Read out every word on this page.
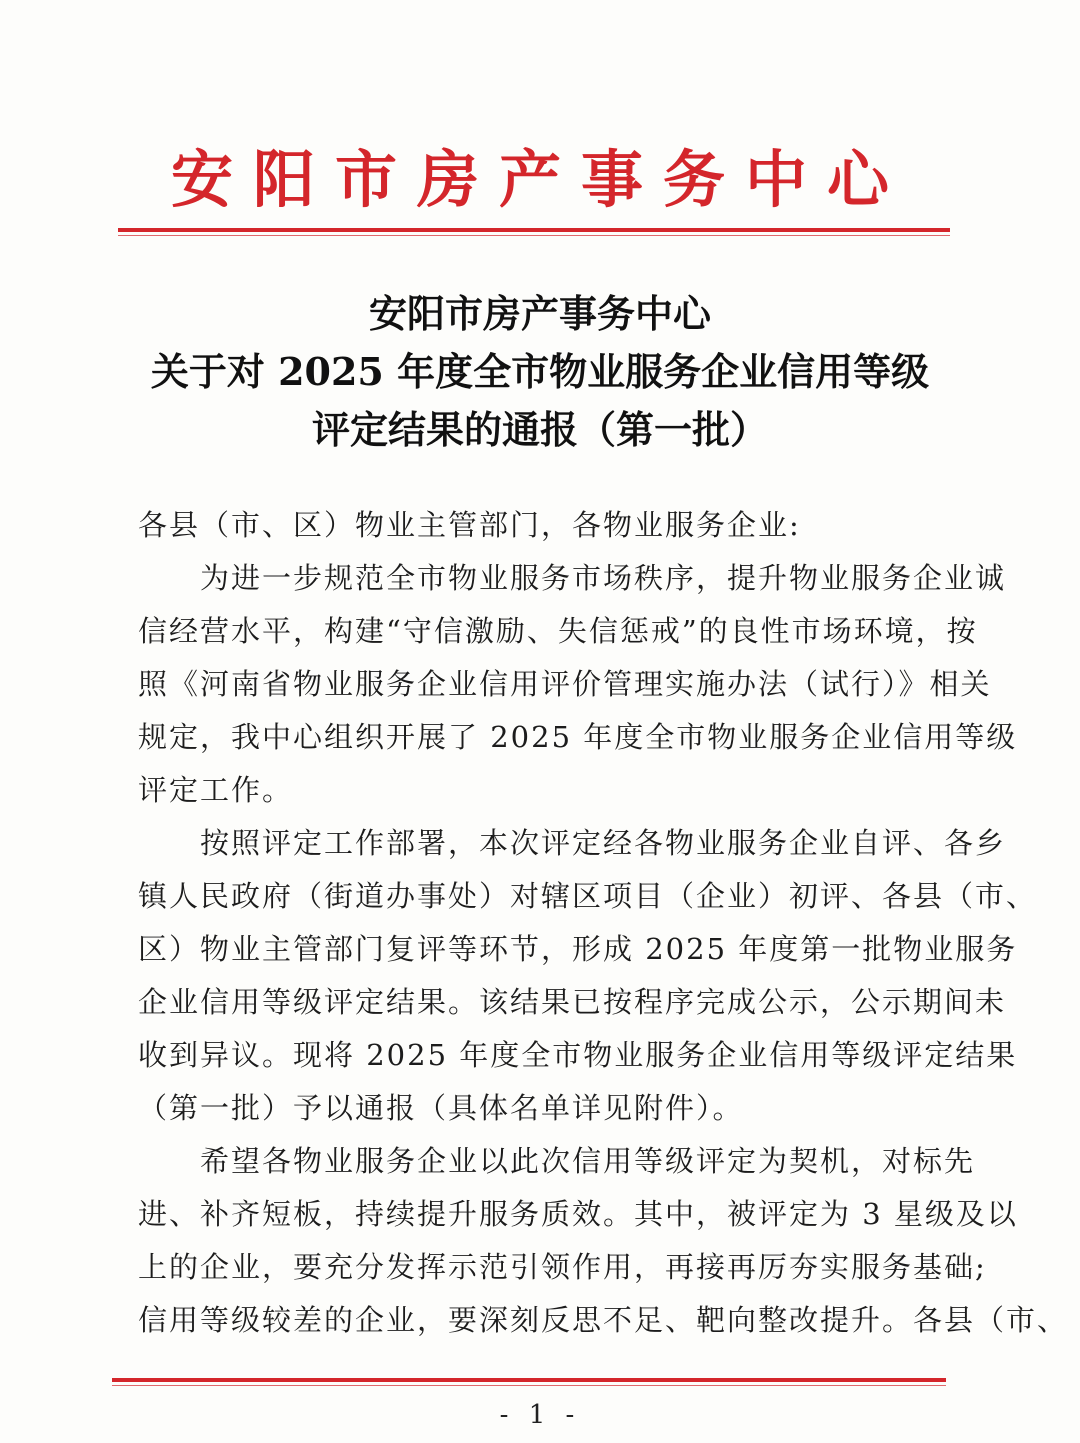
安阳市房产事务中心
安阳市房产事务中心
关于对 2025 年度全市物业服务企业信用等级
评定结果的通报（第一批）
各县（市、区）物业主管部门，各物业服务企业:
　　为进一步规范全市物业服务市场秩序，提升物业服务企业诚
信经营水平，构建“守信激励、失信惩戒”的良性市场环境，按
照《河南省物业服务企业信用评价管理实施办法（试行）》相关
规定，我中心组织开展了 2025 年度全市物业服务企业信用等级
评定工作。
　　按照评定工作部署，本次评定经各物业服务企业自评、各乡
镇人民政府（街道办事处）对辖区项目（企业）初评、各县（市、
区）物业主管部门复评等环节，形成 2025 年度第一批物业服务
企业信用等级评定结果。该结果已按程序完成公示，公示期间未
收到异议。现将 2025 年度全市物业服务企业信用等级评定结果
（第一批）予以通报（具体名单详见附件）。
　　希望各物业服务企业以此次信用等级评定为契机，对标先
进、补齐短板，持续提升服务质效。其中，被评定为 3 星级及以
上的企业，要充分发挥示范引领作用，再接再厉夯实服务基础;
信用等级较差的企业，要深刻反思不足、靶向整改提升。各县（市、
- 1 -
